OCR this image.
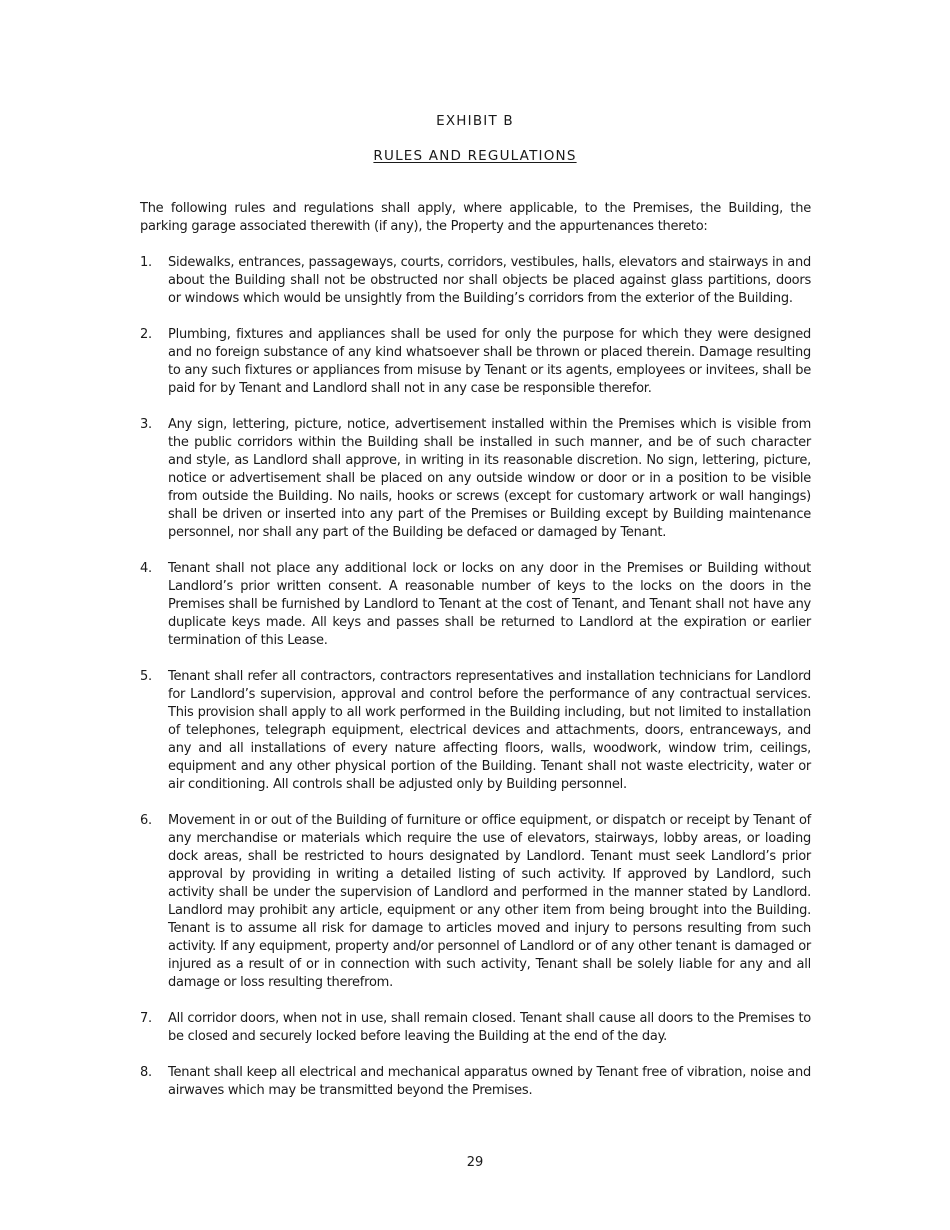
EXHIBIT B
RULES AND REGULATIONS

The following rules and regulations shall apply, where applicable, to the Premises, the Building, the parking garage associated therewith (if any), the Property and the appurtenances thereto:

1. Sidewalks, entrances, passageways, courts, corridors, vestibules, halls, elevators and stairways in and about the Building shall not be obstructed nor shall objects be placed against glass partitions, doors or windows which would be unsightly from the Building’s corridors from the exterior of the Building.
2. Plumbing, fixtures and appliances shall be used for only the purpose for which they were designed and no foreign substance of any kind whatsoever shall be thrown or placed therein. Damage resulting to any such fixtures or appliances from misuse by Tenant or its agents, employees or invitees, shall be paid for by Tenant and Landlord shall not in any case be responsible therefor.
3. Any sign, lettering, picture, notice, advertisement installed within the Premises which is visible from the public corridors within the Building shall be installed in such manner, and be of such character and style, as Landlord shall approve, in writing in its reasonable discretion. No sign, lettering, picture, notice or advertisement shall be placed on any outside window or door or in a position to be visible from outside the Building. No nails, hooks or screws (except for customary artwork or wall hangings) shall be driven or inserted into any part of the Premises or Building except by Building maintenance personnel, nor shall any part of the Building be defaced or damaged by Tenant.
4. Tenant shall not place any additional lock or locks on any door in the Premises or Building without Landlord’s prior written consent. A reasonable number of keys to the locks on the doors in the Premises shall be furnished by Landlord to Tenant at the cost of Tenant, and Tenant shall not have any duplicate keys made. All keys and passes shall be returned to Landlord at the expiration or earlier termination of this Lease.
5. Tenant shall refer all contractors, contractors representatives and installation technicians for Landlord for Landlord’s supervision, approval and control before the performance of any contractual services. This provision shall apply to all work performed in the Building including, but not limited to installation of telephones, telegraph equipment, electrical devices and attachments, doors, entranceways, and any and all installations of every nature affecting floors, walls, woodwork, window trim, ceilings, equipment and any other physical portion of the Building. Tenant shall not waste electricity, water or air conditioning. All controls shall be adjusted only by Building personnel.
6. Movement in or out of the Building of furniture or office equipment, or dispatch or receipt by Tenant of any merchandise or materials which require the use of elevators, stairways, lobby areas, or loading dock areas, shall be restricted to hours designated by Landlord. Tenant must seek Landlord’s prior approval by providing in writing a detailed listing of such activity. If approved by Landlord, such activity shall be under the supervision of Landlord and performed in the manner stated by Landlord. Landlord may prohibit any article, equipment or any other item from being brought into the Building. Tenant is to assume all risk for damage to articles moved and injury to persons resulting from such activity. If any equipment, property and/or personnel of Landlord or of any other tenant is damaged or injured as a result of or in connection with such activity, Tenant shall be solely liable for any and all damage or loss resulting therefrom.
7. All corridor doors, when not in use, shall remain closed. Tenant shall cause all doors to the Premises to be closed and securely locked before leaving the Building at the end of the day.
8. Tenant shall keep all electrical and mechanical apparatus owned by Tenant free of vibration, noise and airwaves which may be transmitted beyond the Premises.
29
